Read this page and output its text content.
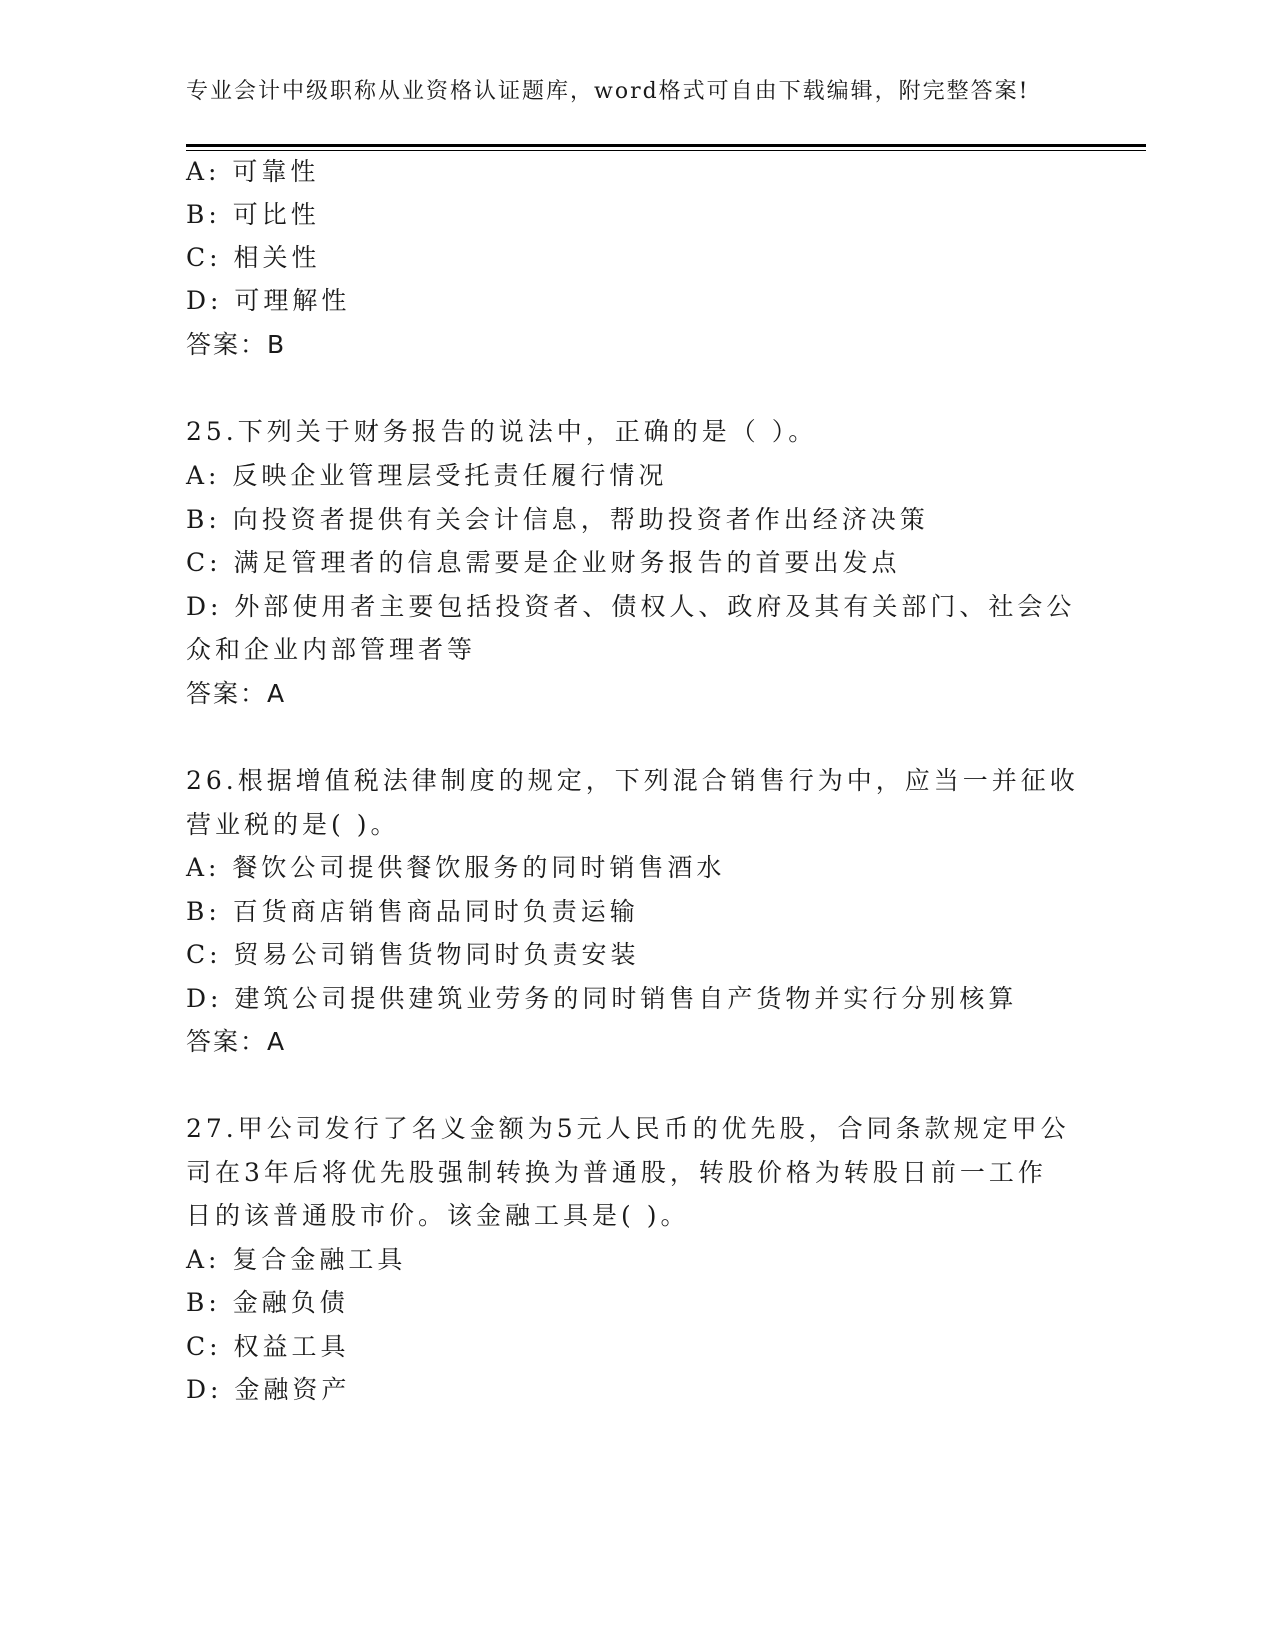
专业会计中级职称从业资格认证题库，word格式可自由下载编辑，附完整答案!
A: 可靠性
B: 可比性
C: 相关性
D: 可理解性
答案：B
25.下列关于财务报告的说法中，正确的是（ ）。
A: 反映企业管理层受托责任履行情况
B: 向投资者提供有关会计信息，帮助投资者作出经济决策
C: 满足管理者的信息需要是企业财务报告的首要出发点
D: 外部使用者主要包括投资者、债权人、政府及其有关部门、社会公
众和企业内部管理者等
答案：A
26.根据增值税法律制度的规定，下列混合销售行为中，应当一并征收
营业税的是( )。
A: 餐饮公司提供餐饮服务的同时销售酒水
B: 百货商店销售商品同时负责运输
C: 贸易公司销售货物同时负责安装
D: 建筑公司提供建筑业劳务的同时销售自产货物并实行分别核算
答案：A
27.甲公司发行了名义金额为5元人民币的优先股，合同条款规定甲公
司在3年后将优先股强制转换为普通股，转股价格为转股日前一工作
日的该普通股市价。该金融工具是( )。
A: 复合金融工具
B: 金融负债
C: 权益工具
D: 金融资产
